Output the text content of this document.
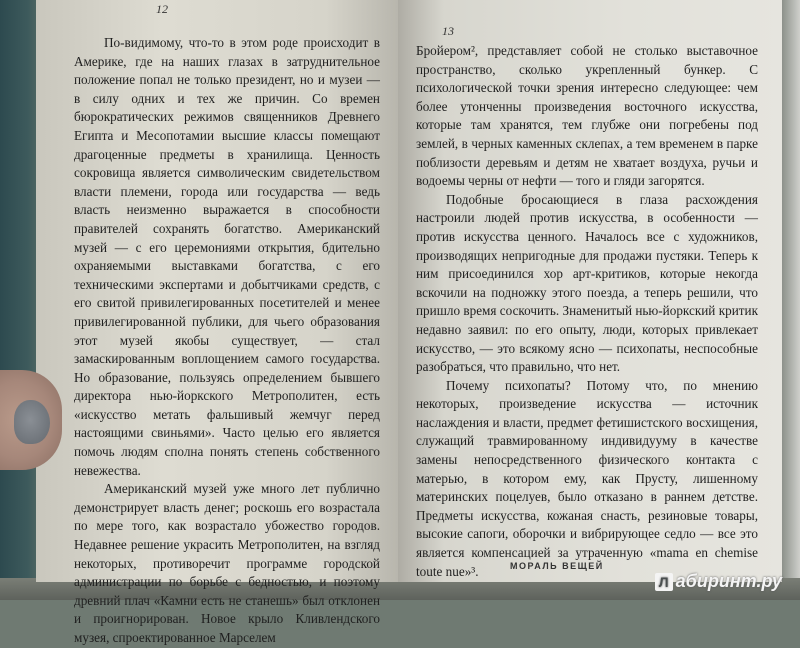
12

По-видимому, что-то в этом роде происходит в Америке, где на наших глазах в затруднительное положение попал не только президент, но и музеи — в силу одних и тех же причин. Со времен бюрократических режимов священников Древнего Египта и Месопотамии высшие классы помещают драгоценные предметы в хранилища. Ценность сокровища является символическим свидетельством власти племени, города или государства — ведь власть неизменно выражается в способности правителей сохранять богатство. Американский музей — с его церемониями открытия, бдительно охраняемыми выставками богатства, с его техническими экспертами и добытчиками средств, с его свитой привилегированных посетителей и менее привилегированной публики, для чьего образования этот музей якобы существует, — стал замаскированным воплощением самого государства. Но образование, пользуясь определением бывшего директора нью-йоркского Метрополитен, есть «искусство метать фальшивый жемчуг перед настоящими свиньями». Часто целью его является помочь людям сполна понять степень собственного невежества.

Американский музей уже много лет публично демонстрирует власть денег; роскошь его возрастала по мере того, как возрастало убожество городов. Недавнее решение украсить Метрополитен, на взгляд некоторых, противоречит программе городской администрации по борьбе с бедностью, и поэтому древний плач «Камни есть не станешь» был отклонен и проигнорирован. Новое крыло Кливлендского музея, спроектированное Марселем

13

Бройером², представляет собой не столько выставочное пространство, сколько укрепленный бункер. С психологической точки зрения интересно следующее: чем более утонченны произведения восточного искусства, которые там хранятся, тем глубже они погребены под землей, в черных каменных склепах, а тем временем в парке поблизости деревьям и детям не хватает воздуха, ручьи и водоемы черны от нефти — того и гляди загорятся.

Подобные бросающиеся в глаза расхождения настроили людей против искусства, в особенности — против искусства ценного. Началось все с художников, производящих непригодные для продажи пустяки. Теперь к ним присоединился хор арт-критиков, которые некогда вскочили на подножку этого поезда, а теперь решили, что пришло время соскочить. Знаменитый нью-йоркский критик недавно заявил: по его опыту, люди, которых привлекает искусство, — это всякому ясно — психопаты, неспособные разобраться, что правильно, что нет.

Почему психопаты? Потому что, по мнению некоторых, произведение искусства — источник наслаждения и власти, предмет фетишистского восхищения, служащий травмированному индивидууму в качестве замены непосредственного физического контакта с матерью, в котором ему, как Прусту, лишенному материнских поцелуев, было отказано в раннем детстве. Предметы искусства, кожаная снасть, резиновые товары, высокие сапоги, оборочки и вибрирующее седло — все это является компенсацией за утраченную «mama en chemise toute nue»³.	МОРАЛЬ ВЕЩЕЙ
Л абиринт.ру
